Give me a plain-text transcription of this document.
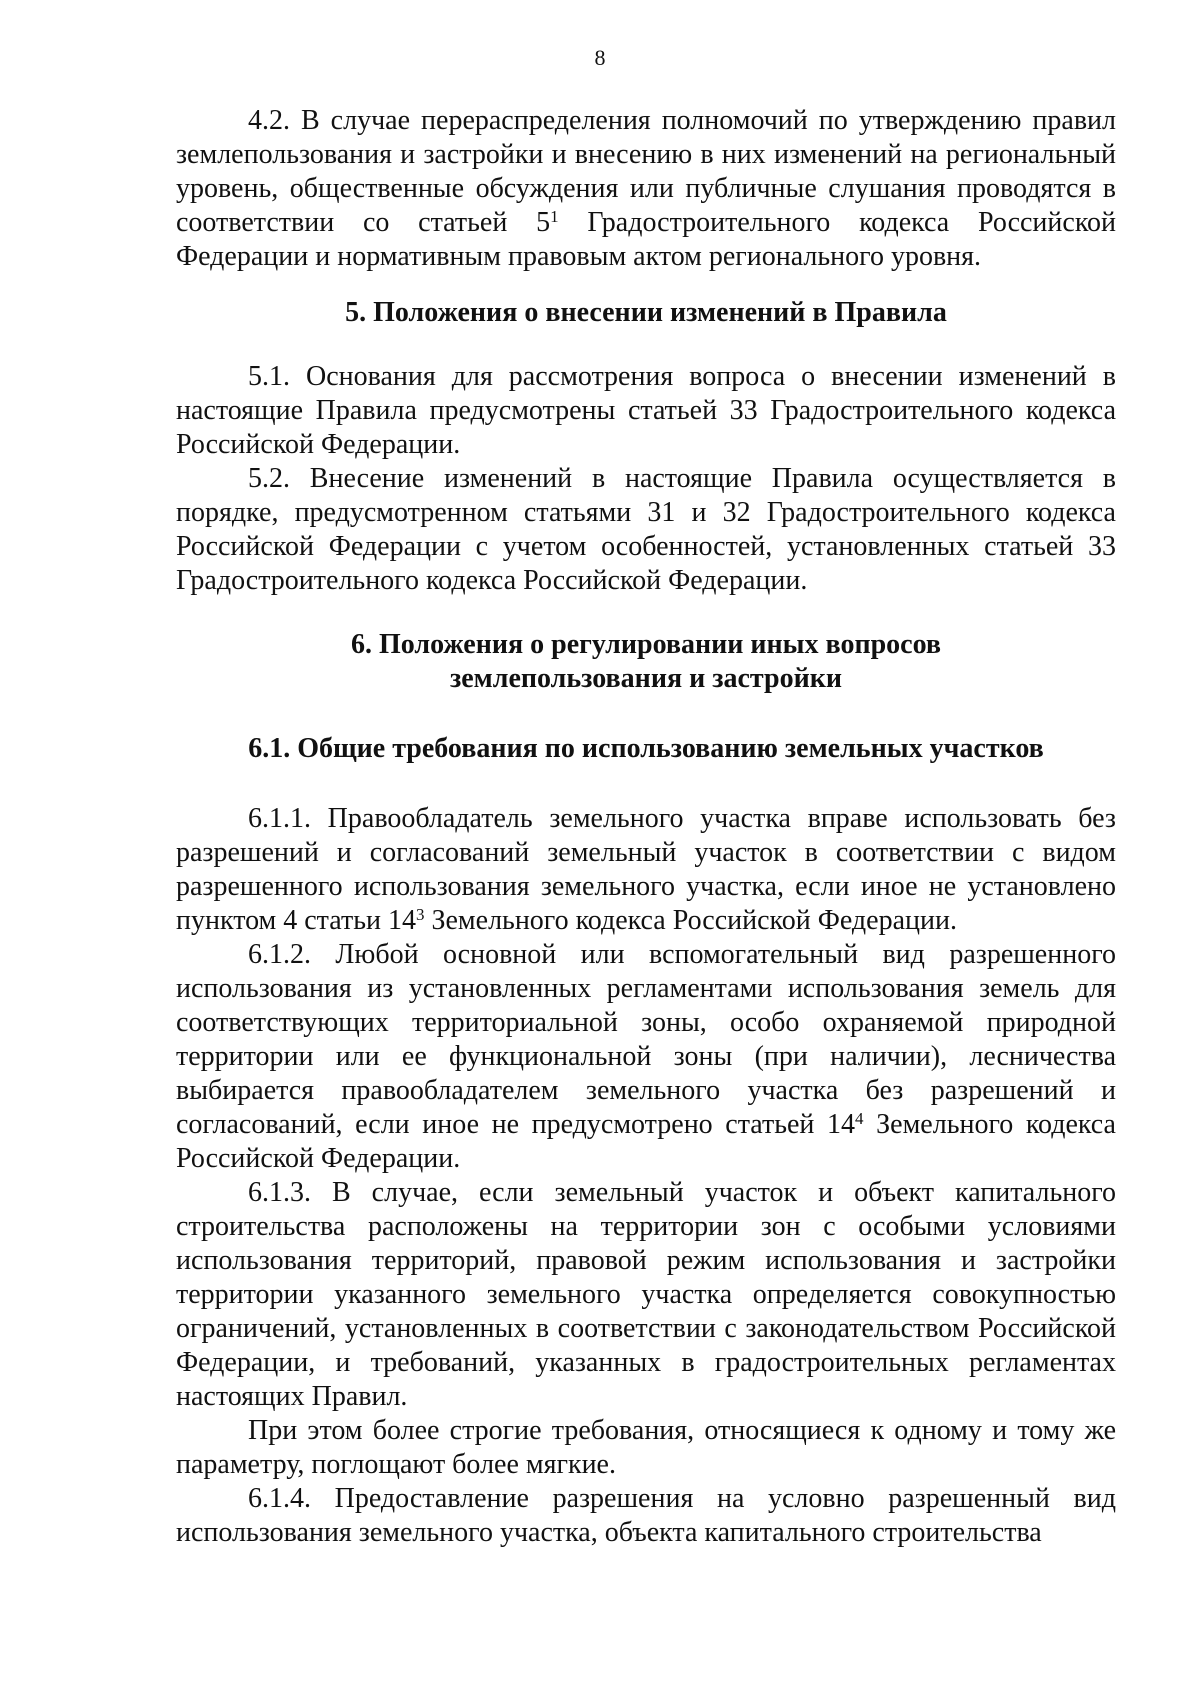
8

4.2. В случае перераспределения полномочий по утверждению правил землепользования и застройки и внесению в них изменений на региональный уровень, общественные обсуждения или публичные слушания проводятся в соответствии со статьей $5^1$ Градостроительного кодекса Российской Федерации и нормативным правовым актом регионального уровня.

5. Положения о внесении изменений в Правила

5.1. Основания для рассмотрения вопроса о внесении изменений в настоящие Правила предусмотрены статьей 33 Градостроительного кодекса Российской Федерации.

5.2. Внесение изменений в настоящие Правила осуществляется в порядке, предусмотренном статьями 31 и 32 Градостроительного кодекса Российской Федерации с учетом особенностей, установленных статьей 33 Градостроительного кодекса Российской Федерации.

6. Положения о регулировании иных вопросов
землепользования и застройки
6.1. Общие требования по использованию земельных участков

6.1.1. Правообладатель земельного участка вправе использовать без разрешений и согласований земельный участок в соответствии с видом разрешенного использования земельного участка, если иное не установлено пунктом 4 статьи $14^3$ Земельного кодекса Российской Федерации.

6.1.2. Любой основной или вспомогательный вид разрешенного использования из установленных регламентами использования земель для соответствующих территориальной зоны, особо охраняемой природной территории или ее функциональной зоны (при наличии), лесничества выбирается правообладателем земельного участка без разрешений и согласований, если иное не предусмотрено статьей $14^4$ Земельного кодекса Российской Федерации.

6.1.3. В случае, если земельный участок и объект капитального строительства расположены на территории зон с особыми условиями использования территорий, правовой режим использования и застройки территории указанного земельного участка определяется совокупностью ограничений, установленных в соответствии с законодательством Российской Федерации, и требований, указанных в градостроительных регламентах настоящих Правил.

При этом более строгие требования, относящиеся к одному и тому же параметру, поглощают более мягкие.

6.1.4. Предоставление разрешения на условно разрешенный вид использования земельного участка, объекта капитального строительства
